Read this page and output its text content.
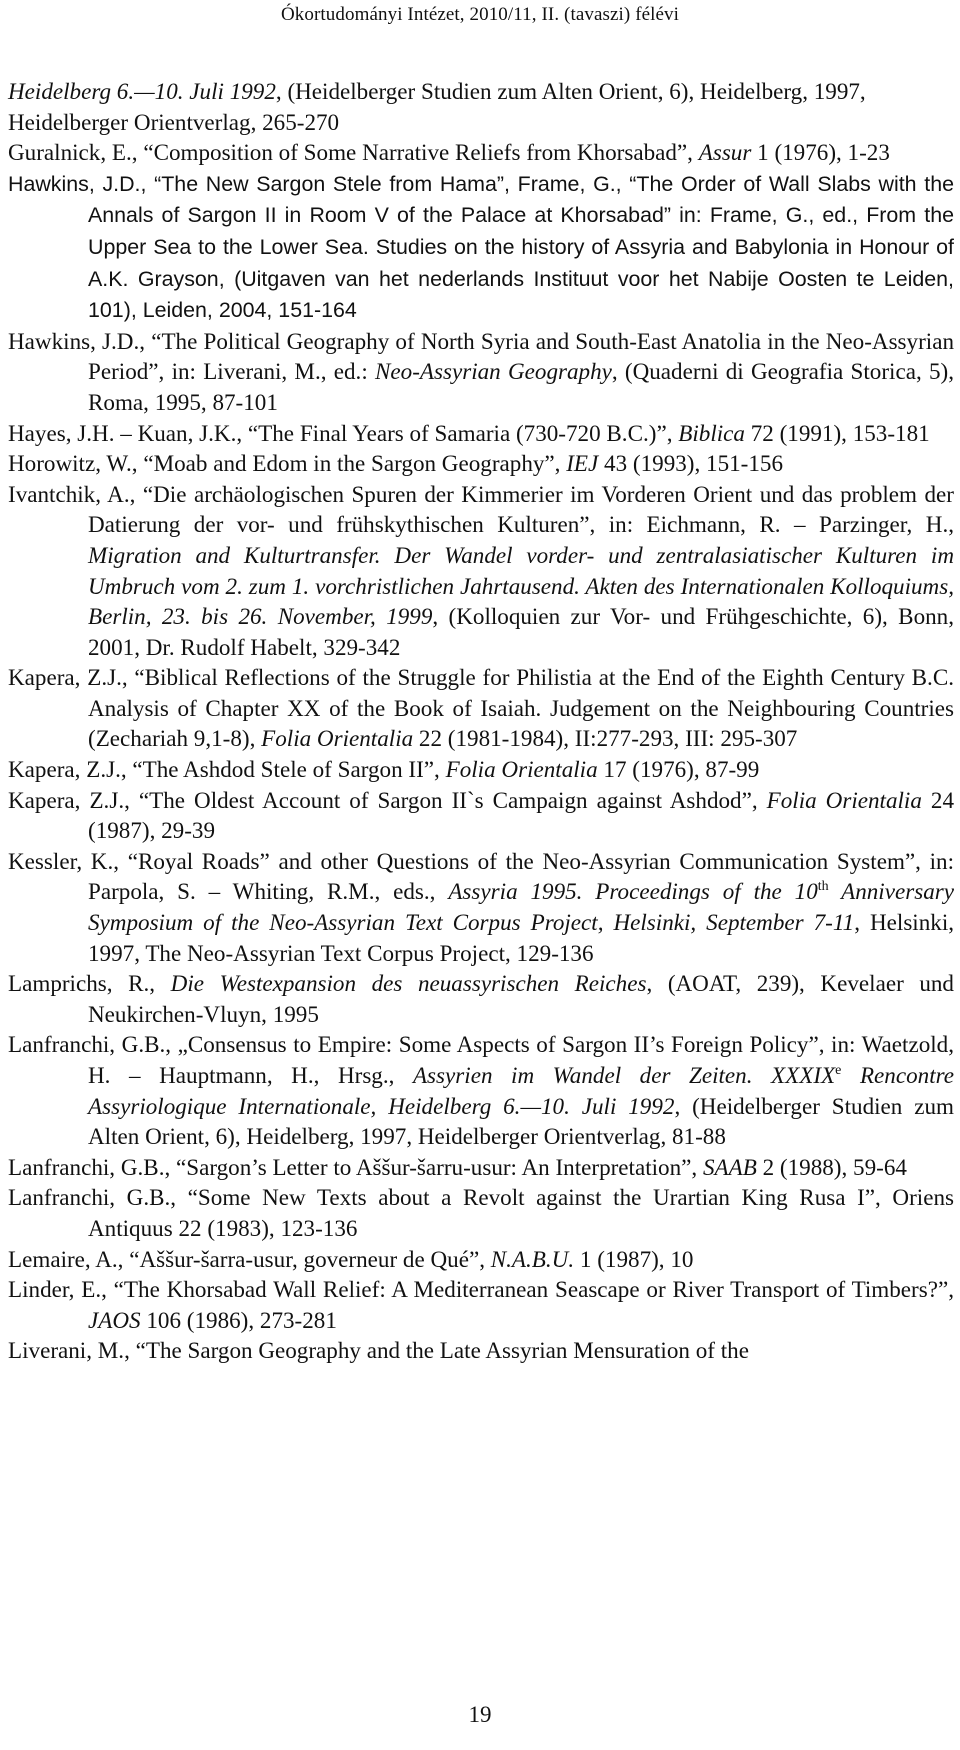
Ókortudományi Intézet, 2010/11, II. (tavaszi) félévi

Heidelberg 6.—10. Juli 1992, (Heidelberger Studien zum Alten Orient, 6), Heidelberg, 1997, Heidelberger Orientverlag, 265-270

Guralnick, E., “Composition of Some Narrative Reliefs from Khorsabad”, Assur 1 (1976), 1-23

Hawkins, J.D., “The New Sargon Stele from Hama”, Frame, G., “The Order of Wall Slabs with the Annals of Sargon II in Room V of the Palace at Khorsabad” in: Frame, G., ed., From the Upper Sea to the Lower Sea. Studies on the history of Assyria and Babylonia in Honour of A.K. Grayson, (Uitgaven van het nederlands Instituut voor het Nabije Oosten te Leiden, 101), Leiden, 2004, 151-164

Hawkins, J.D., “The Political Geography of North Syria and South-East Anatolia in the Neo-Assyrian Period”, in: Liverani, M., ed.: Neo-Assyrian Geography, (Quaderni di Geografia Storica, 5), Roma, 1995, 87-101

Hayes, J.H. – Kuan, J.K., “The Final Years of Samaria (730-720 B.C.)”, Biblica 72 (1991), 153-181

Horowitz, W., “Moab and Edom in the Sargon Geography”, IEJ 43 (1993), 151-156

Ivantchik, A., “Die archäologischen Spuren der Kimmerier im Vorderen Orient und das problem der Datierung der vor- und frühskythischen Kulturen”, in: Eichmann, R. – Parzinger, H., Migration and Kulturtransfer. Der Wandel vorder- und zentralasiatischer Kulturen im Umbruch vom 2. zum 1. vorchristlichen Jahrtausend. Akten des Internationalen Kolloquiums, Berlin, 23. bis 26. November, 1999, (Kolloquien zur Vor- und Frühgeschichte, 6), Bonn, 2001, Dr. Rudolf Habelt, 329-342

Kapera, Z.J., “Biblical Reflections of the Struggle for Philistia at the End of the Eighth Century B.C. Analysis of Chapter XX of the Book of Isaiah. Judgement on the Neighbouring Countries (Zechariah 9,1-8), Folia Orientalia 22 (1981-1984), II:277-293, III: 295-307

Kapera, Z.J., “The Ashdod Stele of Sargon II”, Folia Orientalia 17 (1976), 87-99

Kapera, Z.J., “The Oldest Account of Sargon II`s Campaign against Ashdod”, Folia Orientalia 24 (1987), 29-39

Kessler, K., “Royal Roads” and other Questions of the Neo-Assyrian Communication System”, in: Parpola, S. – Whiting, R.M., eds., Assyria 1995. Proceedings of the 10th Anniversary Symposium of the Neo-Assyrian Text Corpus Project, Helsinki, September 7-11, Helsinki, 1997, The Neo-Assyrian Text Corpus Project, 129-136

Lamprichs, R., Die Westexpansion des neuassyrischen Reiches, (AOAT, 239), Kevelaer und Neukirchen-Vluyn, 1995

Lanfranchi, G.B., „Consensus to Empire: Some Aspects of Sargon II’s Foreign Policy”, in: Waetzold, H. – Hauptmann, H., Hrsg., Assyrien im Wandel der Zeiten. XXXIXe Rencontre Assyriologique Internationale, Heidelberg 6.—10. Juli 1992, (Heidelberger Studien zum Alten Orient, 6), Heidelberg, 1997, Heidelberger Orientverlag, 81-88

Lanfranchi, G.B., “Sargon’s Letter to Aššur-šarru-usur: An Interpretation”, SAAB 2 (1988), 59-64

Lanfranchi, G.B., “Some New Texts about a Revolt against the Urartian King Rusa I”, Oriens Antiquus 22 (1983), 123-136

Lemaire, A., “Aššur-šarra-usur, governeur de Qué”, N.A.B.U. 1 (1987), 10

Linder, E., “The Khorsabad Wall Relief: A Mediterranean Seascape or River Transport of Timbers?”, JAOS 106 (1986), 273-281

Liverani, M., “The Sargon Geography and the Late Assyrian Mensuration of the

19
